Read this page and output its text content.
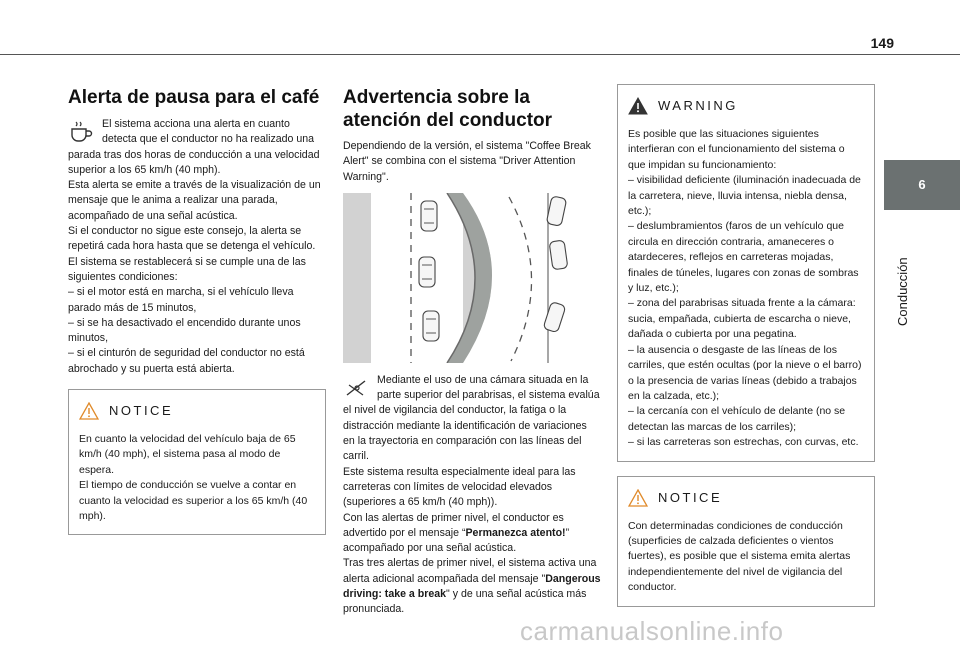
149
6
Conducción
Alerta de pausa para el café

El sistema acciona una alerta en cuanto detecta que el conductor no ha realizado una parada tras dos horas de conducción a una velocidad superior a los 65 km/h (40 mph).

Esta alerta se emite a través de la visualización de un mensaje que le anima a realizar una parada, acompañado de una señal acústica.

Si el conductor no sigue este consejo, la alerta se repetirá cada hora hasta que se detenga el vehículo.

El sistema se restablecerá si se cumple una de las siguientes condiciones:

– si el motor está en marcha, si el vehículo lleva parado más de 15 minutos,

– si se ha desactivado el encendido durante unos minutos,

– si el cinturón de seguridad del conductor no está abrochado y su puerta está abierta.

NOTICE

En cuanto la velocidad del vehículo baja de 65 km/h (40 mph), el sistema pasa al modo de espera.

El tiempo de conducción se vuelve a contar en cuanto la velocidad es superior a los 65 km/h (40 mph).

Advertencia sobre la atención del conductor

Dependiendo de la versión, el sistema "Coffee Break Alert" se combina con el sistema "Driver Attention Warning".

Mediante el uso de una cámara situada en la parte superior del parabrisas, el sistema evalúa el nivel de vigilancia del conductor, la fatiga o la distracción mediante la identificación de variaciones en la trayectoria en comparación con las líneas del carril.

Este sistema resulta especialmente ideal para las carreteras con límites de velocidad elevados (superiores a 65 km/h (40 mph)).

Con las alertas de primer nivel, el conductor es advertido por el mensaje “Permanezca atento!” acompañado por una señal acústica.

Tras tres alertas de primer nivel, el sistema activa una alerta adicional acompañada del mensaje "Dangerous driving: take a break" y de una señal acústica más pronunciada.

WARNING

Es posible que las situaciones siguientes interfieran con el funcionamiento del sistema o que impidan su funcionamiento:

– visibilidad deficiente (iluminación inadecuada de la carretera, nieve, lluvia intensa, niebla densa, etc.);

– deslumbramientos (faros de un vehículo que circula en dirección contraria, amaneceres o atardeceres, reflejos en carreteras mojadas, finales de túneles, lugares con zonas de sombras y luz, etc.);

– zona del parabrisas situada frente a la cámara: sucia, empañada, cubierta de escarcha o nieve, dañada o cubierta por una pegatina.

– la ausencia o desgaste de las líneas de los carriles, que estén ocultas (por la nieve o el barro) o la presencia de varias líneas (debido a trabajos en la calzada, etc.);

– la cercanía con el vehículo de delante (no se detectan las marcas de los carriles);

– si las carreteras son estrechas, con curvas, etc.

NOTICE

Con determinadas condiciones de conducción (superficies de calzada deficientes o vientos fuertes), es posible que el sistema emita alertas independientemente del nivel de vigilancia del conductor.

carmanualsonline.info
